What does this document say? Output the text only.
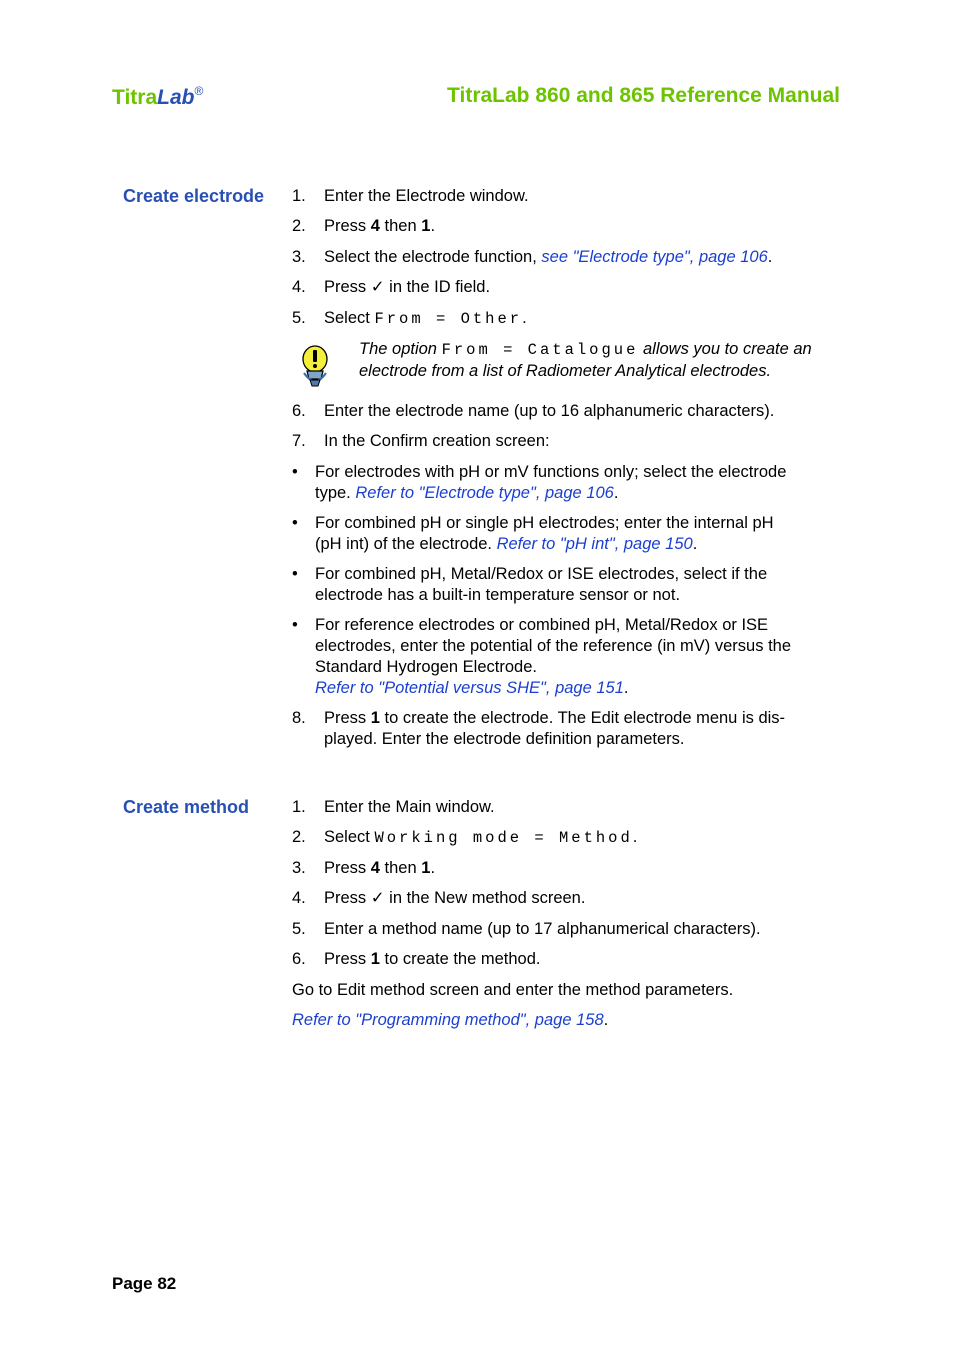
TitraLab®	TitraLab 860 and 865 Reference Manual
Create electrode 1.	Enter the Electrode window.
2.	Press 4 then 1.
3.	Select the electrode function, see "Electrode type", page 106.
4.	Press ✓ in the ID field.
5.	Select From = Other.
The option From = Catalogue allows you to create an
electrode from a list of Radiometer Analytical electrodes.
6.	Enter the electrode name (up to 16 alphanumeric characters).
7.	In the Confirm creation screen:
• For electrodes with pH or mV functions only; select the electrode
type. Refer to "Electrode type", page 106.
• For combined pH or single pH electrodes; enter the internal pH
(pH int) of the electrode. Refer to "pH int", page 150.
• For combined pH, Metal/Redox or ISE electrodes, select if the
electrode has a built-in temperature sensor or not.
• For reference electrodes or combined pH, Metal/Redox or ISE
electrodes, enter the potential of the reference (in mV) versus the
Standard Hydrogen Electrode.
Refer to "Potential versus SHE", page 151.
8.	Press 1 to create the electrode. The Edit electrode menu is dis-
played. Enter the electrode definition parameters.
Create method	1.	Enter the Main window.
2.	Select Working mode = Method.
3.	Press 4 then 1.
4.	Press ✓ in the New method screen.
5.	Enter a method name (up to 17 alphanumerical characters).
6.	Press 1 to create the method.
Go to Edit method screen and enter the method parameters.
Refer to "Programming method", page 158.
Page 82
